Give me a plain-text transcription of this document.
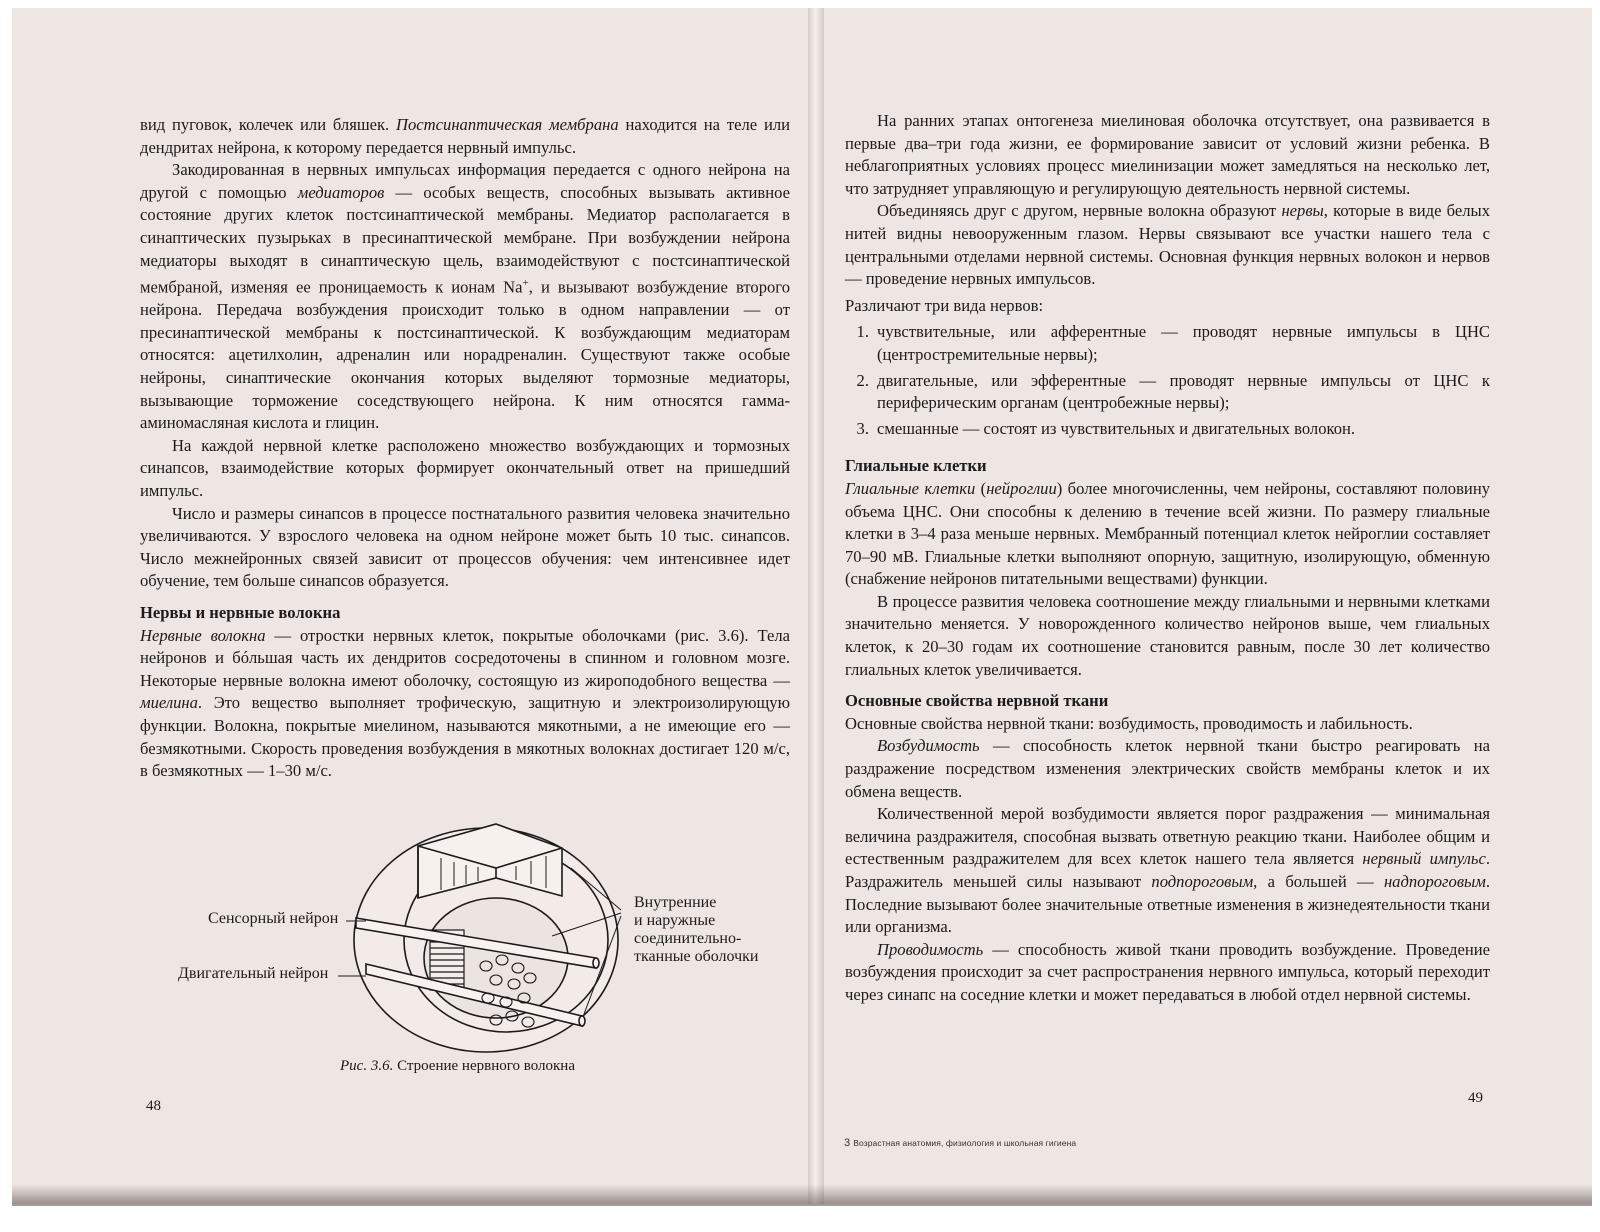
вид пуговок, колечек или бляшек. Постсинаптическая мембрана находится на теле или дендритах нейрона, к которому передается нервный импульс.

Закодированная в нервных импульсах информация передается с одного нейрона на другой с помощью медиаторов — особых веществ, способных вызывать активное состояние других клеток постсинаптической мембраны. Медиатор располагается в синаптических пузырьках в пресинаптической мембране. При возбуждении нейрона медиаторы выходят в синаптическую щель, взаимодействуют с постсинаптической мембраной, изменяя ее проницаемость к ионам Na+, и вызывают возбуждение второго нейрона. Передача возбуждения происходит только в одном направлении — от пресинаптической мембраны к постсинаптической. К возбуждающим медиаторам относятся: ацетилхолин, адреналин или норадреналин. Существуют также особые нейроны, синаптические окончания которых выделяют тормозные медиаторы, вызывающие торможение соседствующего нейрона. К ним относятся гамма-аминомасляная кислота и глицин.

На каждой нервной клетке расположено множество возбуждающих и тормозных синапсов, взаимодействие которых формирует окончательный ответ на пришедший импульс.

Число и размеры синапсов в процессе постнатального развития человека значительно увеличиваются. У взрослого человека на одном нейроне может быть 10 тыс. синапсов. Число межнейронных связей зависит от процессов обучения: чем интенсивнее идет обучение, тем больше синапсов образуется.

Нервы и нервные волокна

Нервные волокна — отростки нервных клеток, покрытые оболочками (рис. 3.6). Тела нейронов и бóльшая часть их дендритов сосредоточены в спинном и головном мозге. Некоторые нервные волокна имеют оболочку, состоящую из жироподобного вещества — миелина. Это вещество выполняет трофическую, защитную и электроизолирующую функции. Волокна, покрытые миелином, называются мякотными, а не имеющие его — безмякотными. Скорость проведения возбуждения в мякотных волокнах достигает 120 м/с, в безмякотных — 1–30 м/с.

Сенсорный нейрон
Двигательный нейрон
Внутренние
и наружные
соединительно-
тканные оболочки
Рис. 3.6. Строение нервного волокна
48

На ранних этапах онтогенеза миелиновая оболочка отсутствует, она развивается в первые два–три года жизни, ее формирование зависит от условий жизни ребенка. В неблагоприятных условиях процесс миелинизации может замедляться на несколько лет, что затрудняет управляющую и регулирующую деятельность нервной системы.

Объединяясь друг с другом, нервные волокна образуют нервы, которые в виде белых нитей видны невооруженным глазом. Нервы связывают все участки нашего тела с центральными отделами нервной системы. Основная функция нервных волокон и нервов — проведение нервных импульсов.

Различают три вида нервов:

1. чувствительные, или афферентные — проводят нервные импульсы в ЦНС (центростремительные нервы);
2. двигательные, или эфферентные — проводят нервные импульсы от ЦНС к периферическим органам (центробежные нервы);
3. смешанные — состоят из чувствительных и двигательных волокон.

Глиальные клетки

Глиальные клетки (нейроглии) более многочисленны, чем нейроны, составляют половину объема ЦНС. Они способны к делению в течение всей жизни. По размеру глиальные клетки в 3–4 раза меньше нервных. Мембранный потенциал клеток нейроглии составляет 70–90 мВ. Глиальные клетки выполняют опорную, защитную, изолирующую, обменную (снабжение нейронов питательными веществами) функции.

В процессе развития человека соотношение между глиальными и нервными клетками значительно меняется. У новорожденного количество нейронов выше, чем глиальных клеток, к 20–30 годам их соотношение становится равным, после 30 лет количество глиальных клеток увеличивается.

Основные свойства нервной ткани

Основные свойства нервной ткани: возбудимость, проводимость и лабильность.

Возбудимость — способность клеток нервной ткани быстро реагировать на раздражение посредством изменения электрических свойств мембраны клеток и их обмена веществ.

Количественной мерой возбудимости является порог раздражения — минимальная величина раздражителя, способная вызвать ответную реакцию ткани. Наиболее общим и естественным раздражителем для всех клеток нашего тела является нервный импульс. Раздражитель меньшей силы называют подпороговым, а большей — надпороговым. Последние вызывают более значительные ответные изменения в жизнедеятельности ткани или организма.

Проводимость — способность живой ткани проводить возбуждение. Проведение возбуждения происходит за счет распространения нервного импульса, который переходит через синапс на соседние клетки и может передаваться в любой отдел нервной системы.

49
3 Возрастная анатомия, физиология и школьная гигиена
